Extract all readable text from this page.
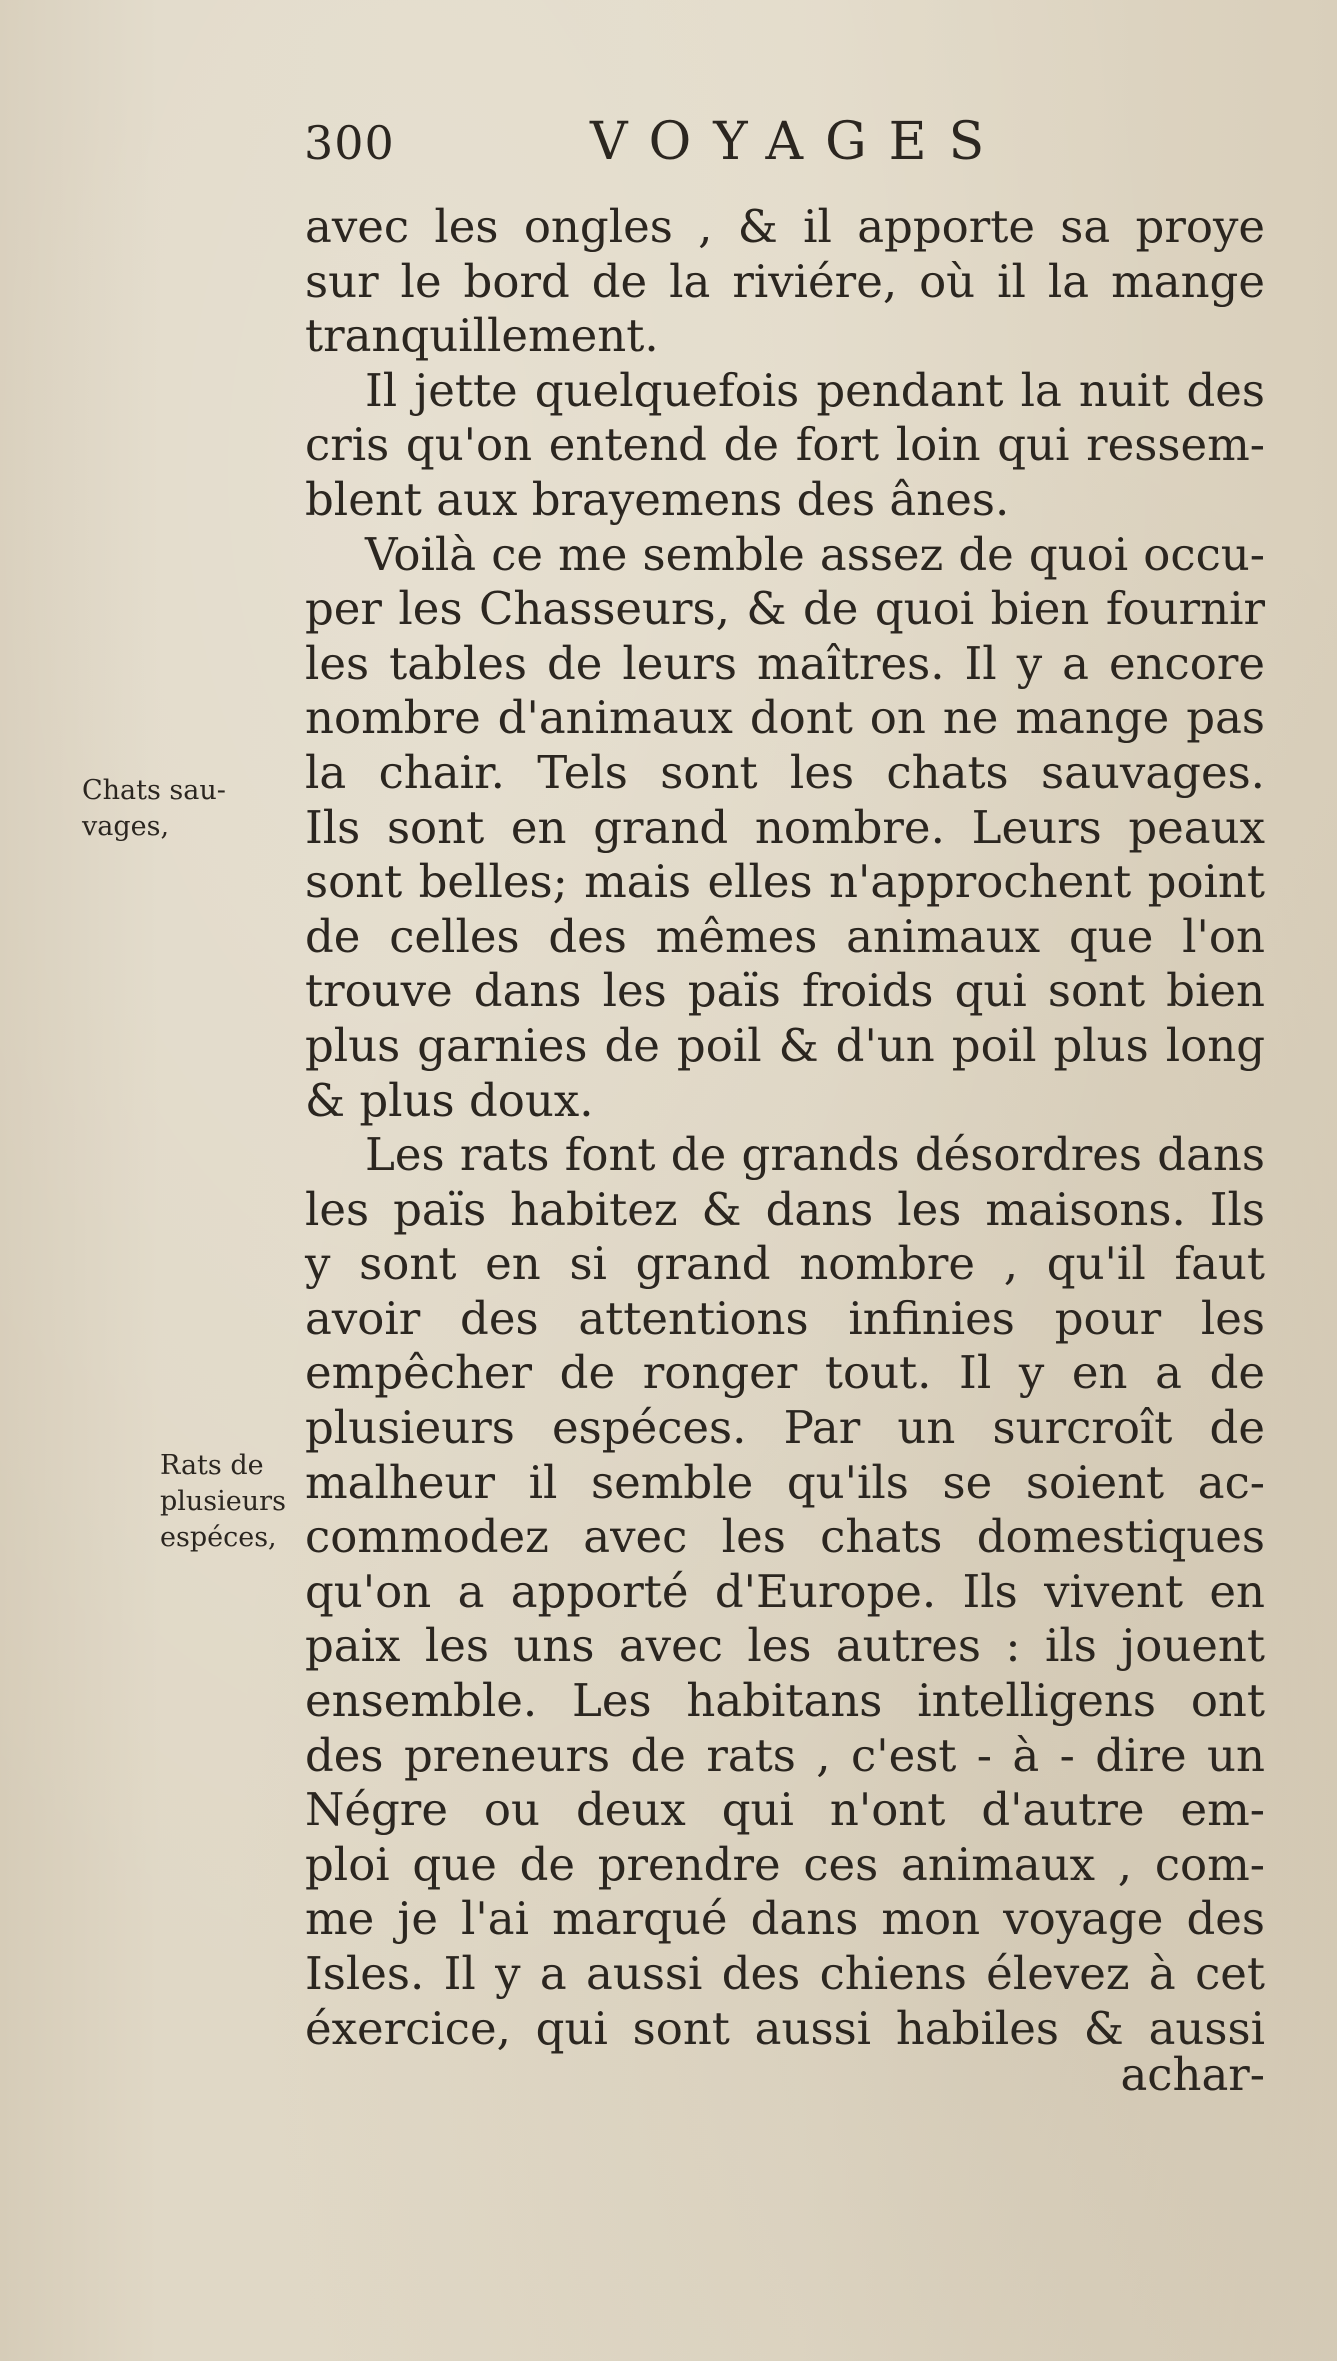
300	VOYAGES
Chats sau-
vages,
Rats de
plusieurs
espéces,
avec les ongles , & il apporte sa proye
sur le bord de la riviére, où il la mange
tranquillement.
Il jette quelquefois pendant la nuit des
cris qu'on entend de fort loin qui ressem-
blent aux brayemens des ânes.
Voilà ce me semble assez de quoi occu-
per les Chasseurs, & de quoi bien fournir
les tables de leurs maîtres. Il y a encore
nombre d'animaux dont on ne mange pas
la chair. Tels sont les chats sauvages.
Ils sont en grand nombre. Leurs peaux
sont belles; mais elles n'approchent point
de celles des mêmes animaux que l'on
trouve dans les païs froids qui sont bien
plus garnies de poil & d'un poil plus long
& plus doux.
Les rats font de grands désordres dans
les païs habitez & dans les maisons. Ils
y sont en si grand nombre , qu'il faut
avoir des attentions infinies pour les
empêcher de ronger tout. Il y en a de
plusieurs espéces. Par un surcroît de
malheur il semble qu'ils se soient ac-
commodez avec les chats domestiques
qu'on a apporté d'Europe. Ils vivent en
paix les uns avec les autres : ils jouent
ensemble. Les habitans intelligens ont
des preneurs de rats , c'est - à - dire un
Négre ou deux qui n'ont d'autre em-
ploi que de prendre ces animaux , com-
me je l'ai marqué dans mon voyage des
Isles. Il y a aussi des chiens élevez à cet
éxercice, qui sont aussi habiles & aussi
achar-
